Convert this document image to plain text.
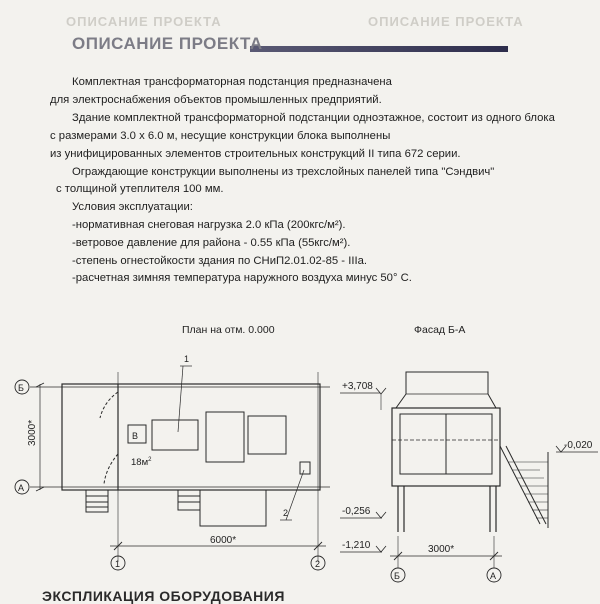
ОПИСАНИЕ ПРОЕКТА	ОПИСАНИЕ ПРОЕКТА
ОПИСАНИЕ ПРОЕКТА
Комплектная трансформаторная подстанция предназначена
для электроснабжения объектов промышленных предприятий.
Здание комплектной трансформаторной подстанции одноэтажное, состоит из одного блока
с размерами 3.0 х 6.0 м, несущие конструкции блока выполнены
из унифицированных элементов строительных конструкций II типа 672 серии.
Ограждающие конструкции выполнены из трехслойных панелей типа "Сэндвич"
с толщиной утеплителя 100 мм.
Условия эксплуатации:
-нормативная снеговая нагрузка 2.0 кПа (200кгс/м²).
-ветровое давление для района - 0.55 кПа (55кгс/м²).
-степень огнестойкости здания по СНиП2.01.02-85 - IIIа.
-расчетная зимняя температура наружного воздуха минус 50° С.
План на отм. 0.000
Б
А
1	2
3000*
6000*
В
$18м^2$
1
2
Фасад Б-А
+3,708
-0,020
-0,256
-1,210	3000*
Б	А
ЭКСПЛИКАЦИЯ ОБОРУДОВАНИЯ
